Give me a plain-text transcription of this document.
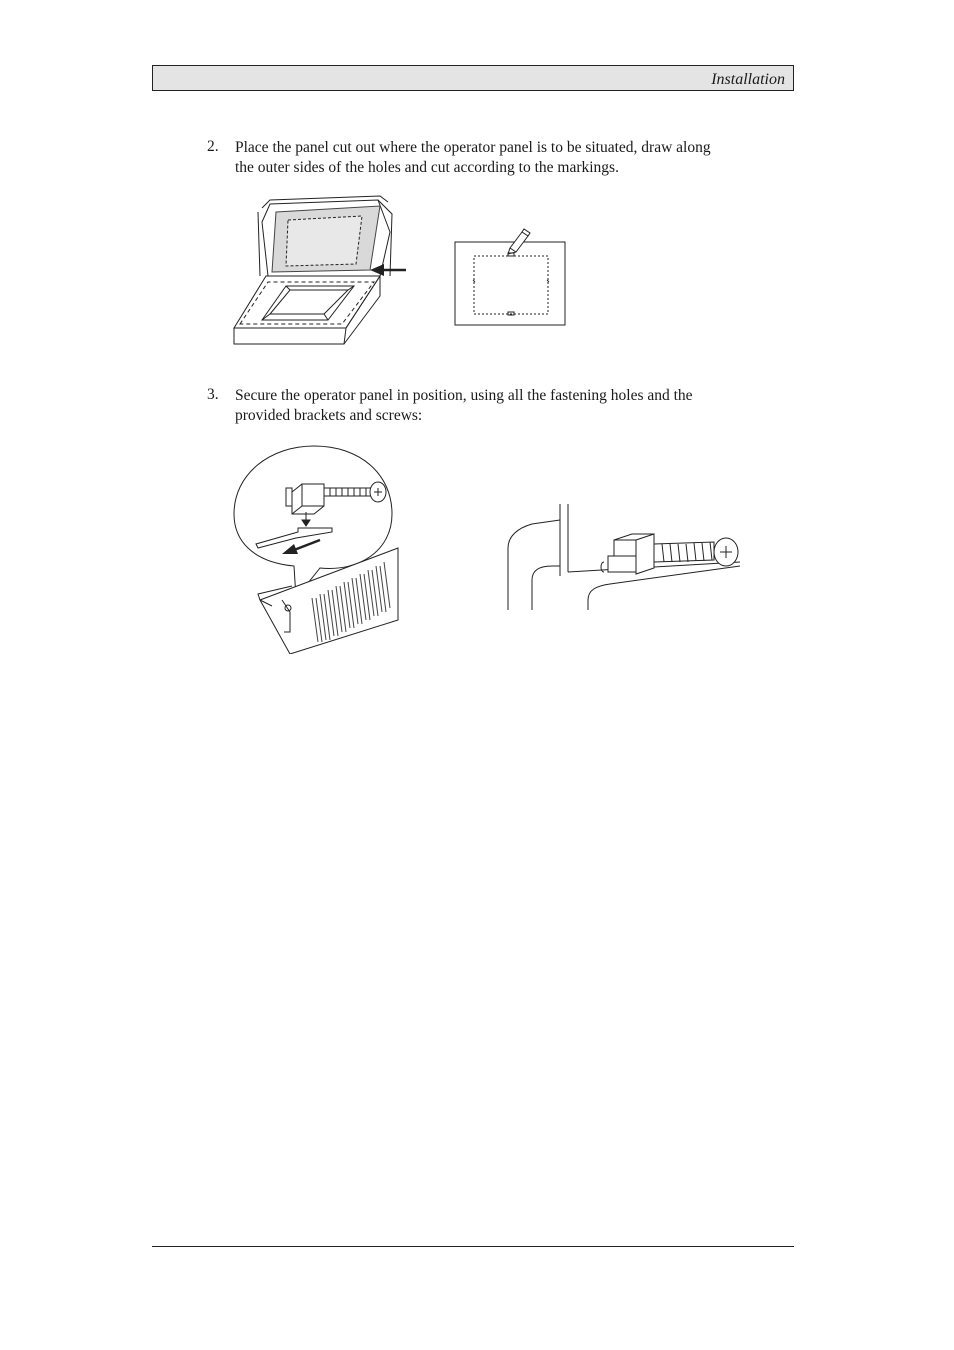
Installation
2. Place the panel cut out where the operator panel is to be situated, draw along
the outer sides of the holes and cut according to the markings.
3. Secure the operator panel in position, using all the fastening holes and the
provided brackets and screws:
